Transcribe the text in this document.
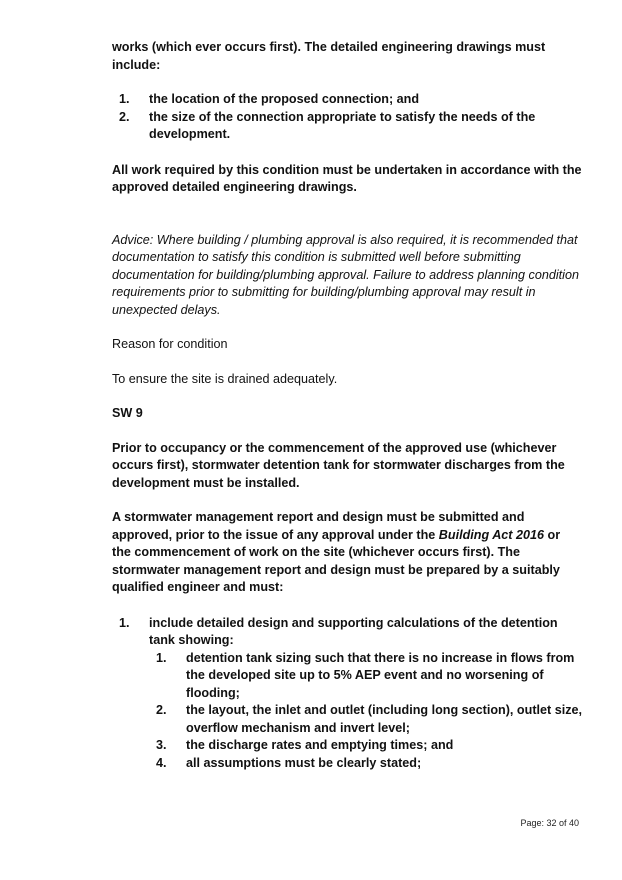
works (which ever occurs first). The detailed engineering drawings must include:

1.	the location of the proposed connection; and
2.	the size of the connection appropriate to satisfy the needs of the development.

All work required by this condition must be undertaken in accordance with the approved detailed engineering drawings.

Advice: Where building / plumbing approval is also required, it is recommended that documentation to satisfy this condition is submitted well before submitting documentation for building/plumbing approval. Failure to address planning condition requirements prior to submitting for building/plumbing approval may result in unexpected delays.

Reason for condition

To ensure the site is drained adequately.

SW 9

Prior to occupancy or the commencement of the approved use (whichever occurs first), stormwater detention tank for stormwater discharges from the development must be installed.

A stormwater management report and design must be submitted and approved, prior to the issue of any approval under the Building Act 2016 or the commencement of work on the site (whichever occurs first). The stormwater management report and design must be prepared by a suitably qualified engineer and must:

1.	include detailed design and supporting calculations of the detention tank showing:
1.	detention tank sizing such that there is no increase in flows from the developed site up to 5% AEP event and no worsening of flooding;
2.	the layout, the inlet and outlet (including long section), outlet size, overflow mechanism and invert level;
3.	the discharge rates and emptying times; and
4.	all assumptions must be clearly stated;
Page: 32 of 40
